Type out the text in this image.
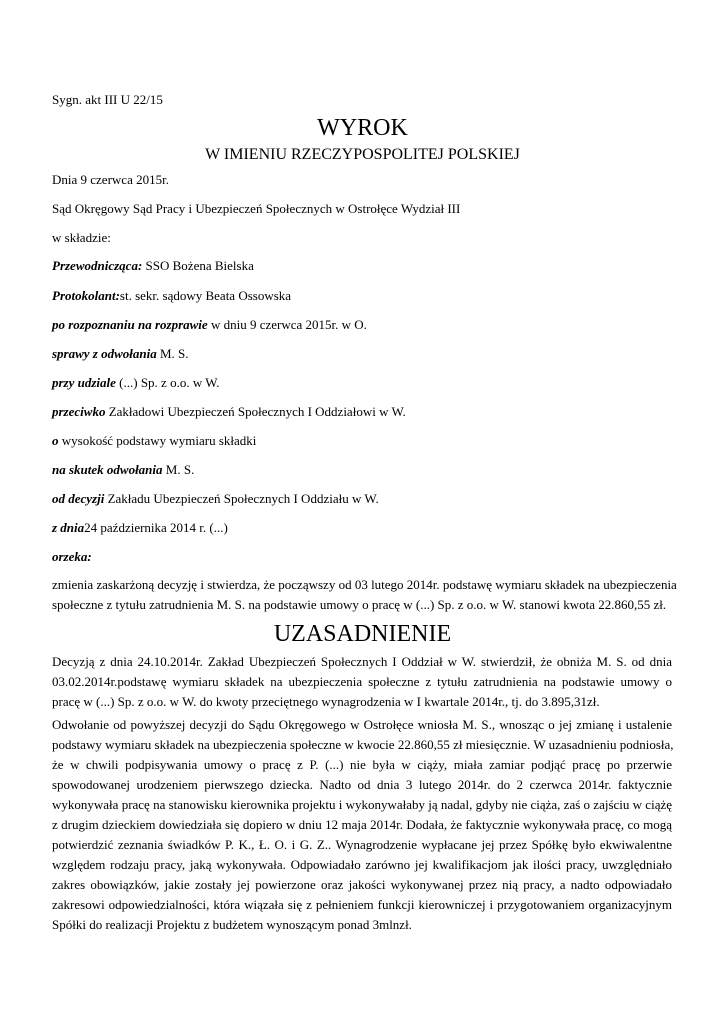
Sygn. akt III U 22/15
WYROK
W IMIENIU RZECZYPOSPOLITEJ POLSKIEJ
Dnia 9 czerwca 2015r.
Sąd Okręgowy Sąd Pracy i Ubezpieczeń Społecznych w Ostrołęce Wydział III
w składzie:
Przewodnicząca: SSO Bożena Bielska
Protokolant:st. sekr. sądowy Beata Ossowska
po rozpoznaniu na rozprawie w dniu 9 czerwca 2015r. w O.
sprawy z odwołania M. S.
przy udziale (...) Sp. z o.o. w W.
przeciwko Zakładowi Ubezpieczeń Społecznych I Oddziałowi w W.
o wysokość podstawy wymiaru składki
na skutek odwołania M. S.
od decyzji Zakładu Ubezpieczeń Społecznych I Oddziału w W.
z dnia24 października 2014 r. (...)
orzeka:
zmienia zaskarżoną decyzję i stwierdza, że począwszy od 03 lutego 2014r. podstawę wymiaru składek na ubezpieczenia
społeczne z tytułu zatrudnienia M. S. na podstawie umowy o pracę w (...) Sp. z o.o. w W. stanowi kwota 22.860,55 zł.
UZASADNIENIE
Decyzją z dnia 24.10.2014r. Zakład Ubezpieczeń Społecznych I Oddział w W. stwierdził, że obniża M. S. od dnia
03.02.2014r.podstawę wymiaru składek na ubezpieczenia społeczne z tytułu zatrudnienia na podstawie umowy o
pracę w (...) Sp. z o.o. w W. do kwoty przeciętnego wynagrodzenia w I kwartale 2014r., tj. do 3.895,31zł.
Odwołanie od powyższej decyzji do Sądu Okręgowego w Ostrołęce wniosła M. S., wnosząc o jej zmianę i ustalenie
podstawy wymiaru składek na ubezpieczenia społeczne w kwocie 22.860,55 zł miesięcznie. W uzasadnieniu podniosła,
że w chwili podpisywania umowy o pracę z P. (...) nie była w ciąży, miała zamiar podjąć pracę po przerwie
spowodowanej urodzeniem pierwszego dziecka. Nadto od dnia 3 lutego 2014r. do 2 czerwca 2014r. faktycznie
wykonywała pracę na stanowisku kierownika projektu i wykonywałaby ją nadal, gdyby nie ciąża, zaś o zajściu w ciążę
z drugim dzieckiem dowiedziała się dopiero w dniu 12 maja 2014r. Dodała, że faktycznie wykonywała pracę, co mogą
potwierdzić zeznania świadków P. K., Ł. O. i G. Z.. Wynagrodzenie wypłacane jej przez Spółkę było ekwiwalentne
względem rodzaju pracy, jaką wykonywała. Odpowiadało zarówno jej kwalifikacjom jak ilości pracy, uwzględniało
zakres obowiązków, jakie zostały jej powierzone oraz jakości wykonywanej przez nią pracy, a nadto odpowiadało
zakresowi odpowiedzialności, która wiązała się z pełnieniem funkcji kierowniczej i przygotowaniem organizacyjnym
Spółki do realizacji Projektu z budżetem wynoszącym ponad 3mlnzł.
